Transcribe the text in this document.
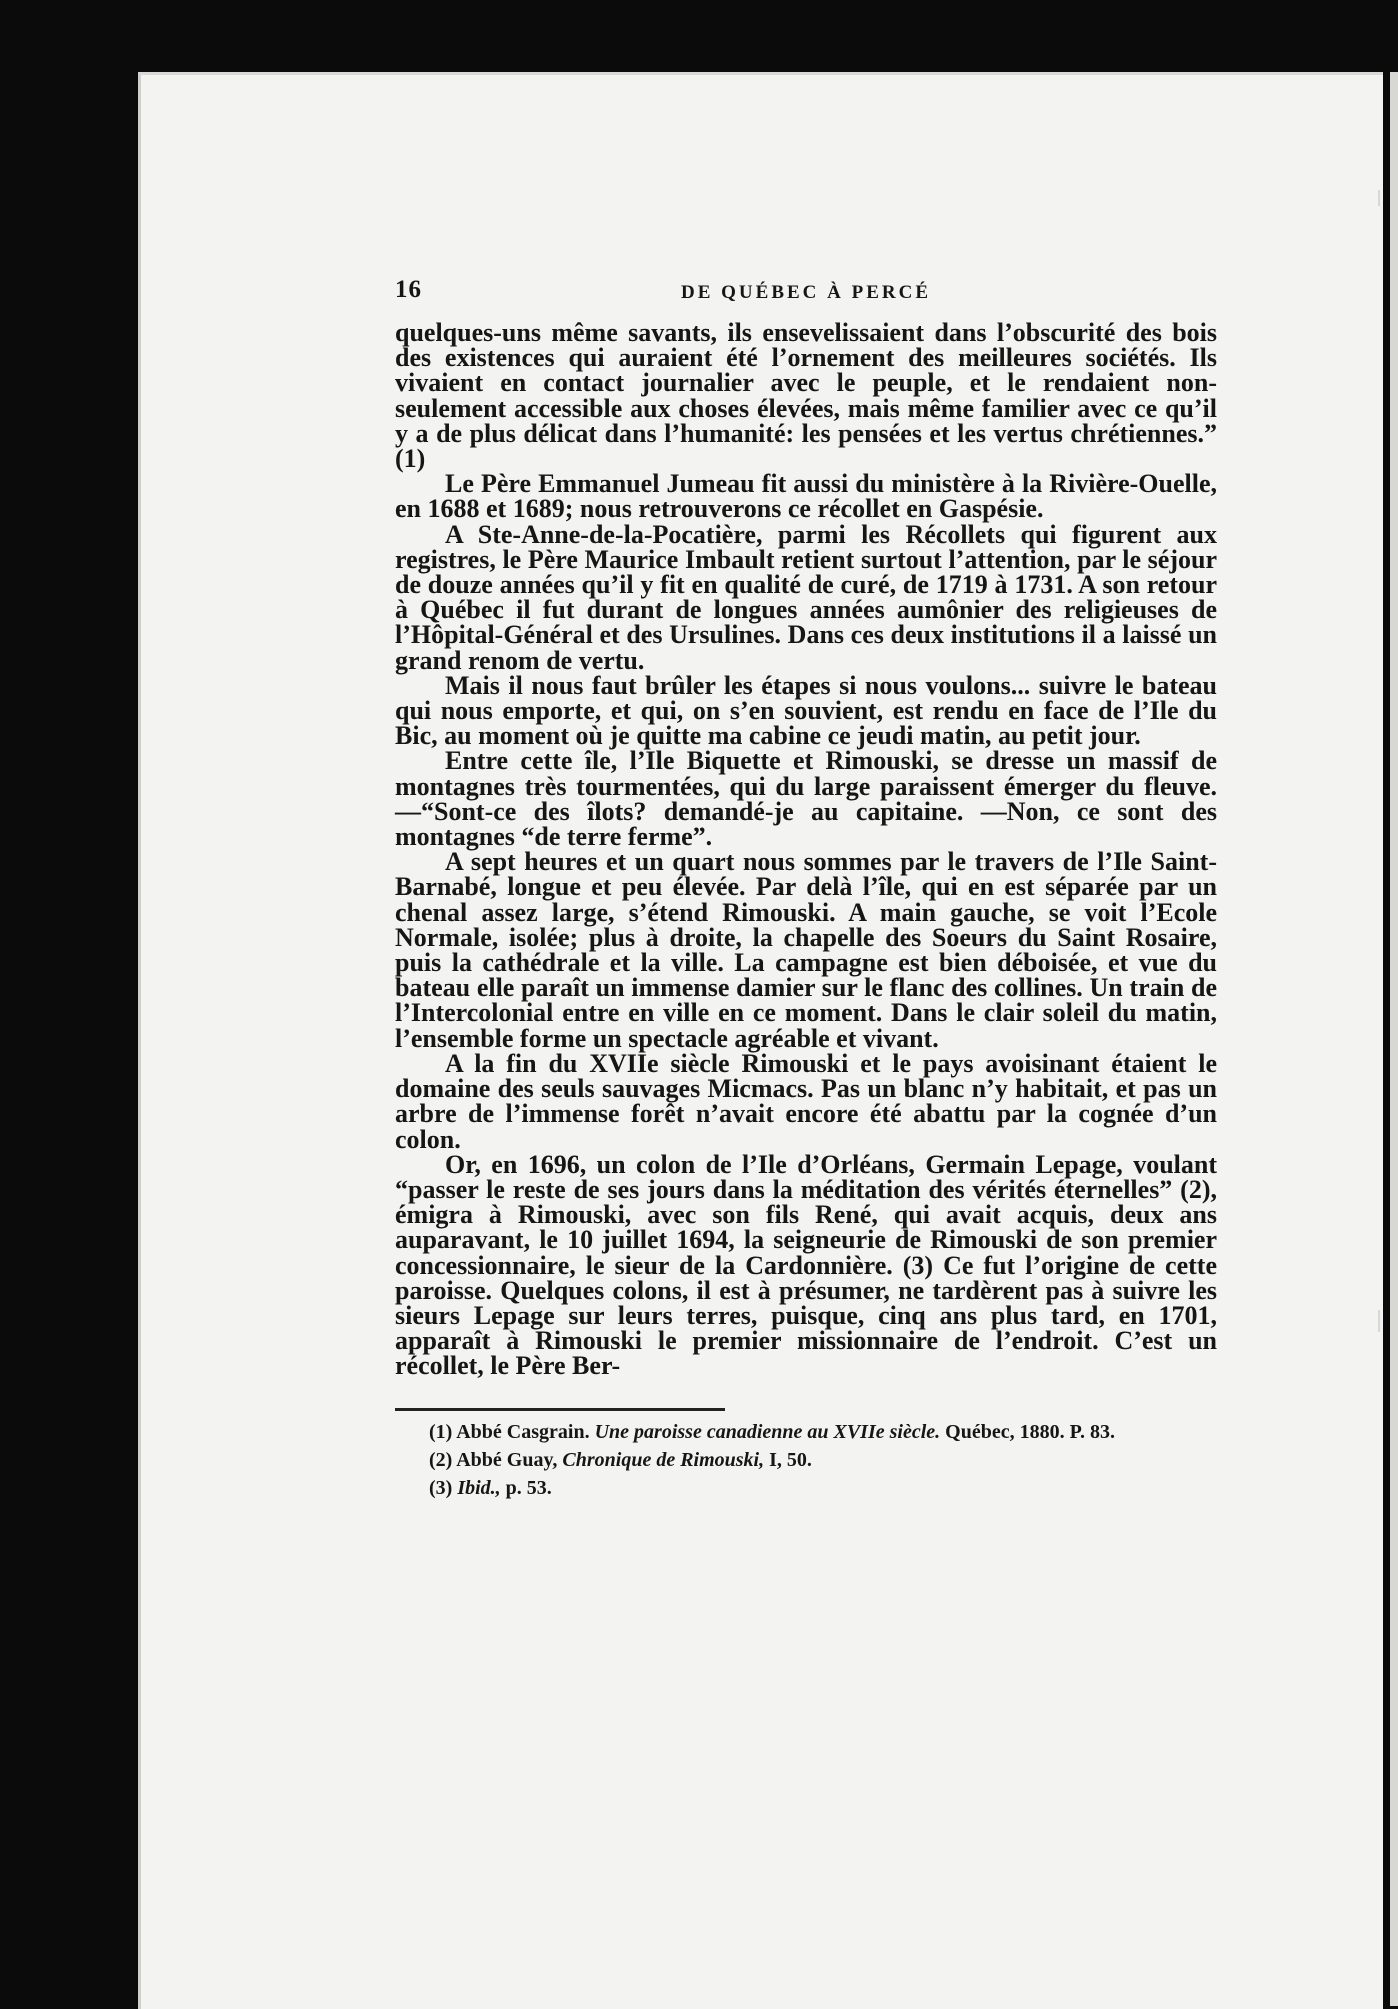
16	DE QUÉBEC À PERCÉ

quelques-uns même savants, ils ensevelissaient dans l’obscurité des bois des existences qui auraient été l’ornement des meilleures sociétés. Ils vivaient en contact journalier avec le peuple, et le rendaient non-seulement accessible aux choses élevées, mais même familier avec ce qu’il y a de plus délicat dans l’humanité: les pensées et les vertus chrétiennes.” (1)

Le Père Emmanuel Jumeau fit aussi du ministère à la Rivière-Ouelle, en 1688 et 1689; nous retrouverons ce récollet en Gaspésie.

A Ste-Anne-de-la-Pocatière, parmi les Récollets qui figurent aux registres, le Père Maurice Imbault retient surtout l’attention, par le séjour de douze années qu’il y fit en qualité de curé, de 1719 à 1731. A son retour à Québec il fut durant de longues années aumônier des religieuses de l’Hôpital-Général et des Ursulines. Dans ces deux institutions il a laissé un grand renom de vertu.

Mais il nous faut brûler les étapes si nous voulons... suivre le bateau qui nous emporte, et qui, on s’en souvient, est rendu en face de l’Ile du Bic, au moment où je quitte ma cabine ce jeudi matin, au petit jour.

Entre cette île, l’Ile Biquette et Rimouski, se dresse un massif de montagnes très tourmentées, qui du large paraissent émerger du fleuve. —“Sont-ce des îlots? demandé-je au capitaine. —Non, ce sont des montagnes “de terre ferme”.

A sept heures et un quart nous sommes par le travers de l’Ile Saint-Barnabé, longue et peu élevée. Par delà l’île, qui en est séparée par un chenal assez large, s’étend Rimouski. A main gauche, se voit l’Ecole Normale, isolée; plus à droite, la chapelle des Soeurs du Saint Rosaire, puis la cathédrale et la ville. La campagne est bien déboisée, et vue du bateau elle paraît un immense damier sur le flanc des collines. Un train de l’Intercolonial entre en ville en ce moment. Dans le clair soleil du matin, l’ensemble forme un spectacle agréable et vivant.

A la fin du XVIIe siècle Rimouski et le pays avoisinant étaient le domaine des seuls sauvages Micmacs. Pas un blanc n’y habitait, et pas un arbre de l’immense forêt n’avait encore été abattu par la cognée d’un colon.

Or, en 1696, un colon de l’Ile d’Orléans, Germain Lepage, voulant “passer le reste de ses jours dans la méditation des vérités éternelles” (2), émigra à Rimouski, avec son fils René, qui avait acquis, deux ans auparavant, le 10 juillet 1694, la seigneurie de Rimouski de son premier concessionnaire, le sieur de la Cardonnière. (3) Ce fut l’origine de cette paroisse. Quelques colons, il est à présumer, ne tardèrent pas à suivre les sieurs Lepage sur leurs terres, puisque, cinq ans plus tard, en 1701, apparaît à Rimouski le premier missionnaire de l’endroit. C’est un récollet, le Père Ber-

(1) Abbé Casgrain. Une paroisse canadienne au XVIIe siècle. Québec, 1880. P. 83.

(2) Abbé Guay, Chronique de Rimouski, I, 50.

(3) Ibid., p. 53.
